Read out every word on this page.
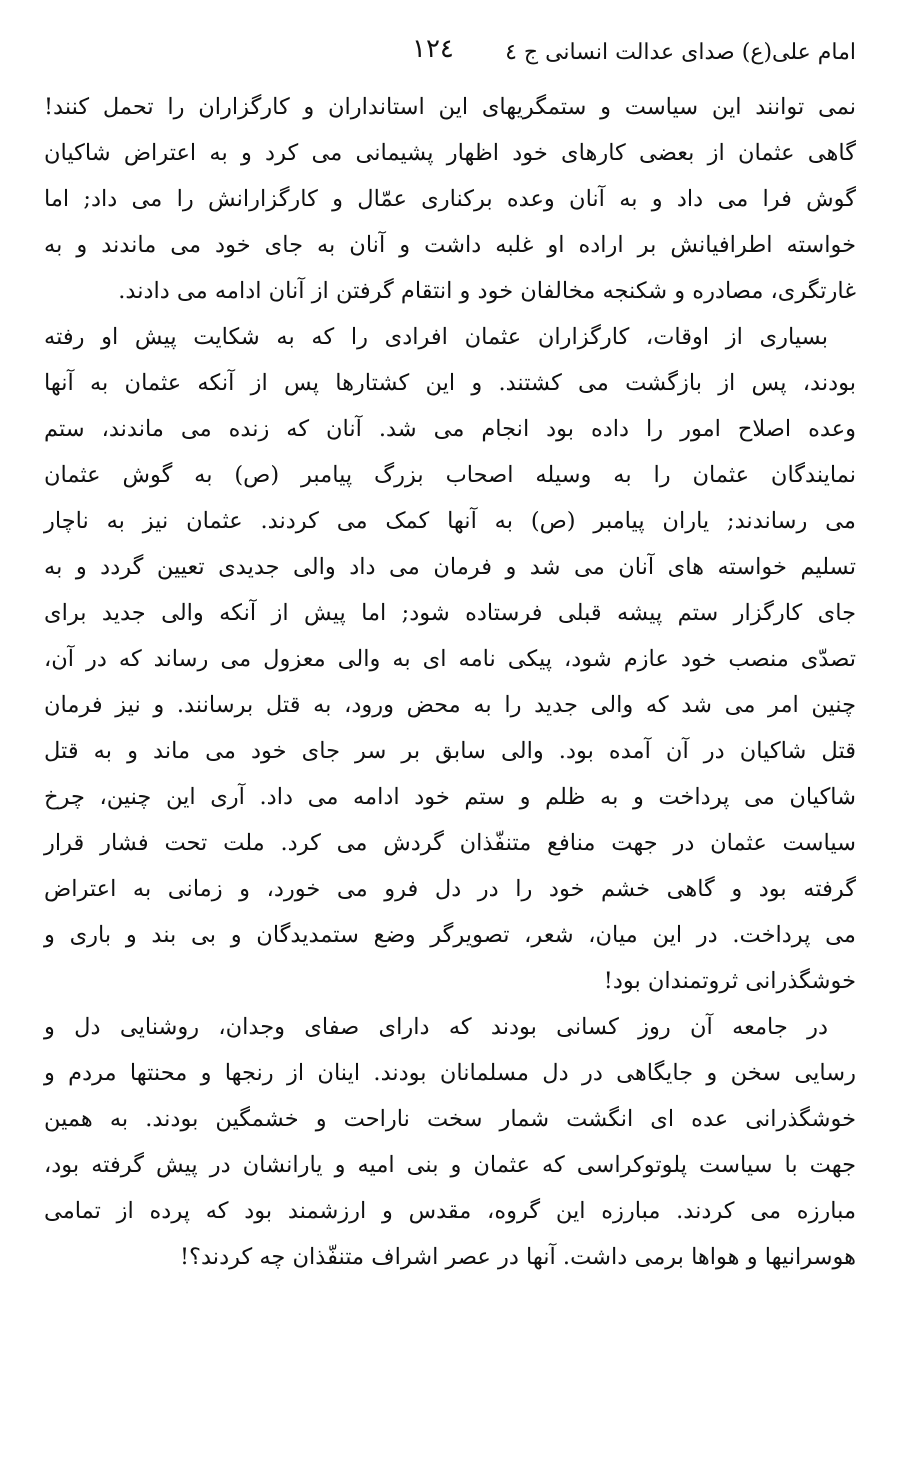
امام علی(ع) صدای عدالت انسانی ج ٤
١٢٤

نمی توانند این سیاست و ستمگریهای این استانداران و کارگزاران را تحمل کنند!
گاهی عثمان از بعضی کارهای خود اظهار پشیمانی می کرد و به اعتراض شاکیان
گوش فرا می داد و به آنان وعده برکناری عمّال و کارگزارانش را می داد; اما
خواسته اطرافیانش بر اراده او غلبه داشت و آنان به جای خود می ماندند و به
غارتگری، مصادره و شکنجه مخالفان خود و انتقام گرفتن از آنان ادامه می دادند.

بسیاری از اوقات، کارگزاران عثمان افرادی را که به شکایت پیش او رفته
بودند، پس از بازگشت می کشتند. و این کشتارها پس از آنکه عثمان به آنها
وعده اصلاح امور را داده بود انجام می شد. آنان که زنده می ماندند، ستم
نمایندگان عثمان را به وسیله اصحاب بزرگ پیامبر (ص) به گوش عثمان
می رساندند; یاران پیامبر (ص) به آنها کمک می کردند. عثمان نیز به ناچار
تسلیم خواسته های آنان می شد و فرمان می داد والی جدیدی تعیین گردد و به
جای کارگزار ستم پیشه قبلی فرستاده شود; اما پیش از آنکه والی جدید برای
تصدّی منصب خود عازم شود، پیکی نامه ای به والی معزول می رساند که در آن،
چنین امر می شد که والی جدید را به محض ورود، به قتل برسانند. و نیز فرمان
قتل شاکیان در آن آمده بود. والی سابق بر سر جای خود می ماند و به قتل
شاکیان می پرداخت و به ظلم و ستم خود ادامه می داد. آری این چنین، چرخ
سیاست عثمان در جهت منافع متنفّذان گردش می کرد. ملت تحت فشار قرار
گرفته بود و گاهی خشم خود را در دل فرو می خورد، و زمانی به اعتراض
می پرداخت. در این میان، شعر، تصویرگر وضع ستمدیدگان و بی بند و باری و
خوشگذرانی ثروتمندان بود!

در جامعه آن روز کسانی بودند که دارای صفای وجدان، روشنایی دل و
رسایی سخن و جایگاهی در دل مسلمانان بودند. اینان از رنجها و محنتها مردم و
خوشگذرانی عده ای انگشت شمار سخت ناراحت و خشمگین بودند. به همین
جهت با سیاست پلوتوکراسی که عثمان و بنی امیه و یارانشان در پیش گرفته بود،
مبارزه می کردند. مبارزه این گروه، مقدس و ارزشمند بود که پرده از تمامی
هوسرانیها و هواها برمی داشت. آنها در عصر اشراف متنفّذان چه کردند؟!
